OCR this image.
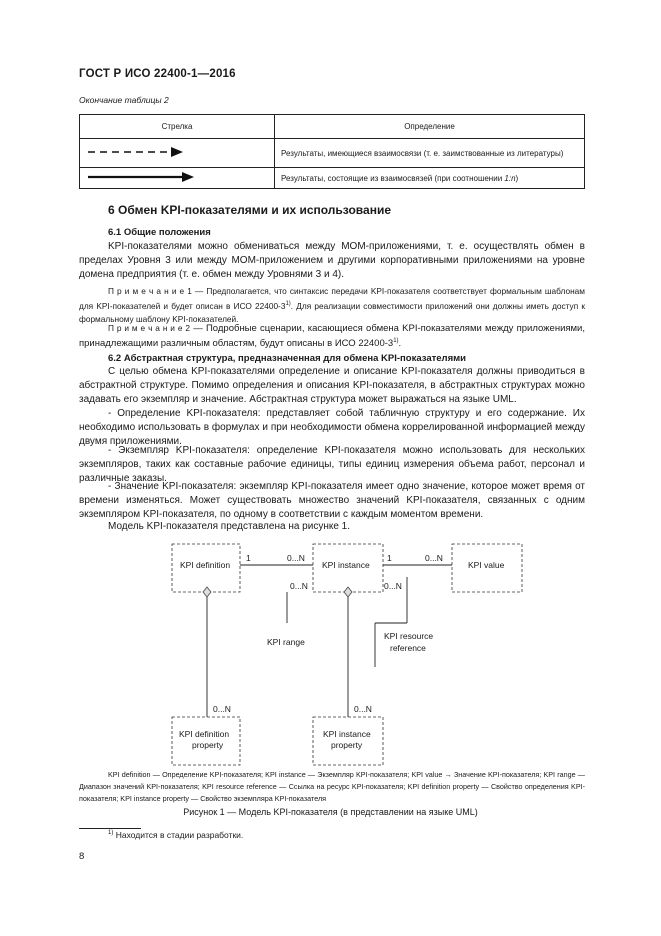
ГОСТ Р ИСО 22400-1—2016
Окончание таблицы 2
Стрелка	Определение
	Результаты, имеющиеся взаимосвязи (т. е. заимствованные из литературы)
	Результаты, состоящие из взаимосвязей (при соотношении 1:n)
6 Обмен KPI-показателями и их использование
6.1 Общие положения
KPI-показателями можно обмениваться между MOM-приложениями, т. е. осуществлять обмен в пределах Уровня 3 или между MOM-приложением и другими корпоративными приложениями на уровне домена предприятия (т. е. обмен между Уровнями 3 и 4).
П р и м е ч а н и е 1 — Предполагается, что синтаксис передачи KPI-показателя соответствует формальным шаблонам для KPI-показателей и будет описан в ИСО 22400-3$^{1)}$. Для реализации совместимости приложений они должны иметь доступ к формальному шаблону KPI-показателей.
П р и м е ч а н и е 2 — Подробные сценарии, касающиеся обмена KPI-показателями между приложениями, принадлежащими различным областям, будут описаны в ИСО 22400-3$^{1)}$.
6.2 Абстрактная структура, предназначенная для обмена KPI-показателями
С целью обмена KPI-показателями определение и описание KPI-показателя должны приводиться в абстрактной структуре. Помимо определения и описания KPI-показателя, в абстрактных структурах можно задавать его экземпляр и значение. Абстрактная структура может выражаться на языке UML.
- Определение KPI-показателя: представляет собой табличную структуру и его содержание. Их необходимо использовать в формулах и при необходимости обмена коррелированной информацией между двумя приложениями.
- Экземпляр KPI-показателя: определение KPI-показателя можно использовать для нескольких экземпляров, таких как составные рабочие единицы, типы единиц измерения объема работ, персонал и различные заказы.
- Значение KPI-показателя: экземпляр KPI-показателя имеет одно значение, которое может время от времени изменяться. Может существовать множество значений KPI-показателя, связанных с одним экземпляром KPI-показателя, по одному в соответствии с каждым моментом времени.
Модель KPI-показателя представлена на рисунке 1.
KPI definition	KPI instance	KPI value
KPI range
KPI resource
reference
KPI definition
property
KPI instance
property
1	0...N	1	0...N
0...N	0...N
0...N	0...N
KPI definition — Определение KPI-показателя; KPI instance — Экземпляр KPI-показателя; KPI value → Значение KPI-показателя; KPI range — Диапазон значений KPI-показателя; KPI resource reference — Ссылка на ресурс KPI-показателя; KPI definition property — Свойство определения KPI-показателя; KPI instance property — Свойство экземпляра KPI-показателя
Рисунок 1 — Модель KPI-показателя (в представлении на языке UML)
$^{1)}$ Находится в стадии разработки.
8
